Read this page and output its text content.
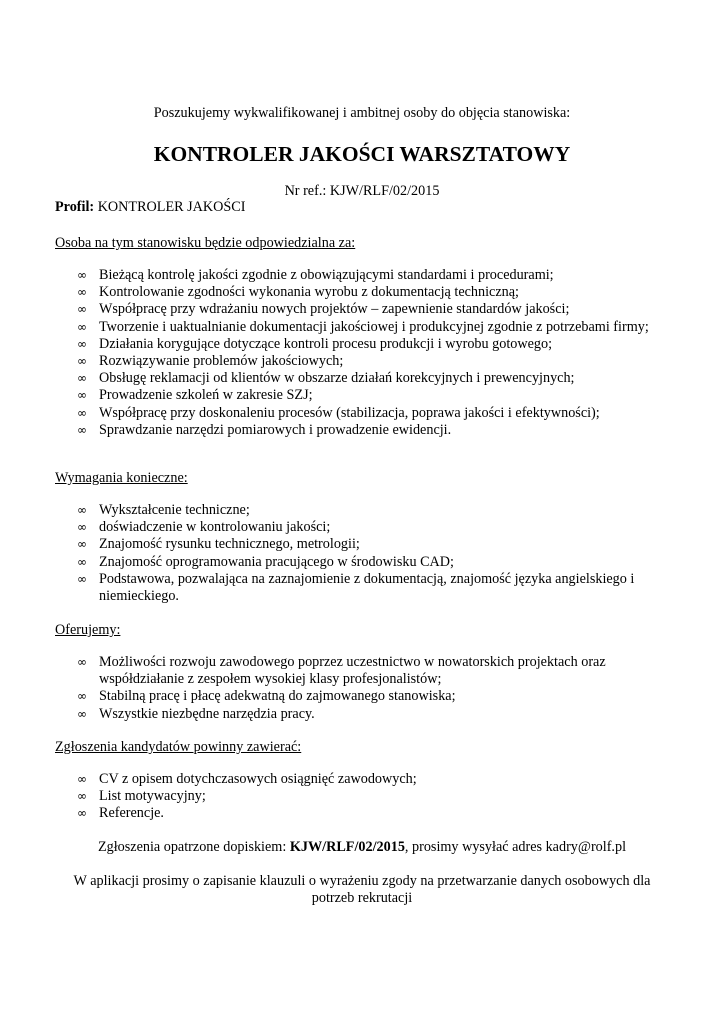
Poszukujemy wykwalifikowanej i ambitnej osoby do objęcia stanowiska:
KONTROLER JAKOŚCI WARSZTATOWY
Nr ref.: KJW/RLF/02/2015
Profil: KONTROLER JAKOŚCI
Osoba na tym stanowisku będzie odpowiedzialna za:
∞ Bieżącą kontrolę jakości zgodnie z obowiązującymi standardami i procedurami;
∞ Kontrolowanie zgodności wykonania wyrobu z dokumentacją techniczną;
∞ Współpracę przy wdrażaniu nowych projektów – zapewnienie standardów jakości;
∞ Tworzenie i uaktualnianie dokumentacji jakościowej i produkcyjnej zgodnie z potrzebami firmy;
∞ Działania korygujące dotyczące kontroli procesu produkcji i wyrobu gotowego;
∞ Rozwiązywanie problemów jakościowych;
∞ Obsługę reklamacji od klientów w obszarze działań korekcyjnych i prewencyjnych;
∞ Prowadzenie szkoleń w zakresie SZJ;
∞ Współpracę przy doskonaleniu procesów (stabilizacja, poprawa jakości i efektywności);
∞ Sprawdzanie narzędzi pomiarowych i prowadzenie ewidencji.
Wymagania konieczne:
∞ Wykształcenie techniczne;
∞ doświadczenie w kontrolowaniu jakości;
∞ Znajomość rysunku technicznego, metrologii;
∞ Znajomość oprogramowania pracującego w środowisku CAD;
∞ Podstawowa, pozwalająca na zaznajomienie z dokumentacją, znajomość języka angielskiego i niemieckiego.
Oferujemy:
∞ Możliwości rozwoju zawodowego poprzez uczestnictwo w nowatorskich projektach oraz współdziałanie z zespołem wysokiej klasy profesjonalistów;
∞ Stabilną pracę i płacę adekwatną do zajmowanego stanowiska;
∞ Wszystkie niezbędne narzędzia pracy.
Zgłoszenia kandydatów powinny zawierać:
∞ CV z opisem dotychczasowych osiągnięć zawodowych;
∞ List motywacyjny;
∞ Referencje.
Zgłoszenia opatrzone dopiskiem: KJW/RLF/02/2015, prosimy wysyłać adres kadry@rolf.pl
W aplikacji prosimy o zapisanie klauzuli o wyrażeniu zgody na przetwarzanie danych osobowych dla potrzeb rekrutacji
